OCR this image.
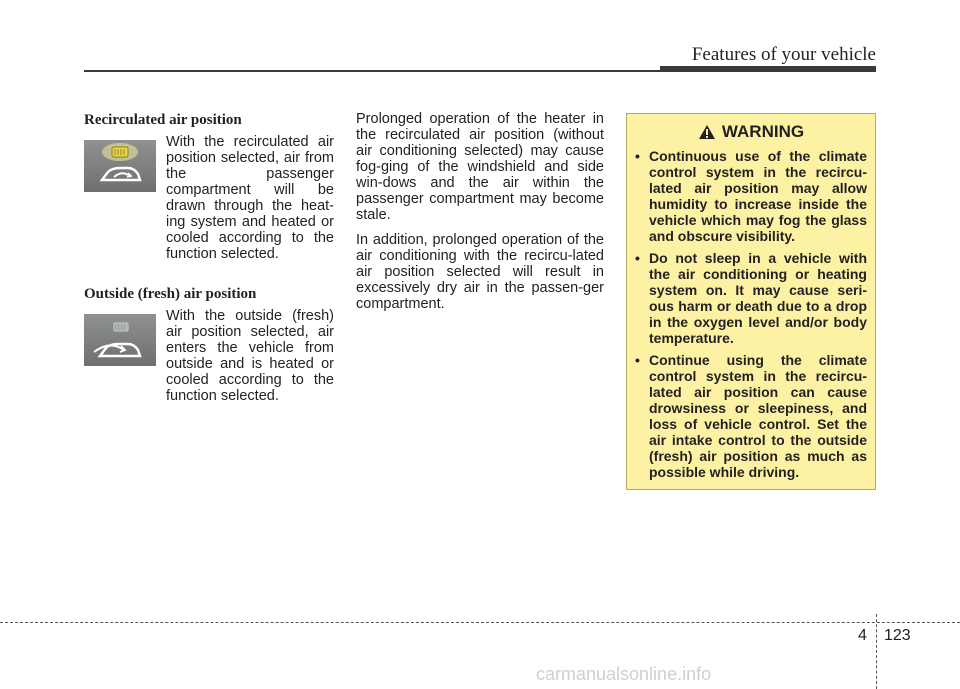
Features of your vehicle
Recirculated air position
With the recirculated air position selected, air from the passenger compartment will be drawn through the heat-ing system and heated or cooled according to the function selected.
Outside (fresh) air position
With the outside (fresh) air position selected, air enters the vehicle from outside and is heated or cooled according to the function selected.

Prolonged operation of the heater in the recirculated air position (without air conditioning selected) may cause fog-ging of the windshield and side win-dows and the air within the passenger compartment may become stale.

In addition, prolonged operation of the air conditioning with the recircu-lated air position selected will result in excessively dry air in the passen-ger compartment.

WARNING
• Continuous use of the climate control system in the recircu-lated air position may allow humidity to increase inside the vehicle which may fog the glass and obscure visibility.
• Do not sleep in a vehicle with the air conditioning or heating system on. It may cause seri-ous harm or death due to a drop in the oxygen level and/or body temperature.
• Continue using the climate control system in the recircu-lated air position can cause drowsiness or sleepiness, and loss of vehicle control. Set the air intake control to the outside (fresh) air position as much as possible while driving.
4 123
carmanualsonline.info
